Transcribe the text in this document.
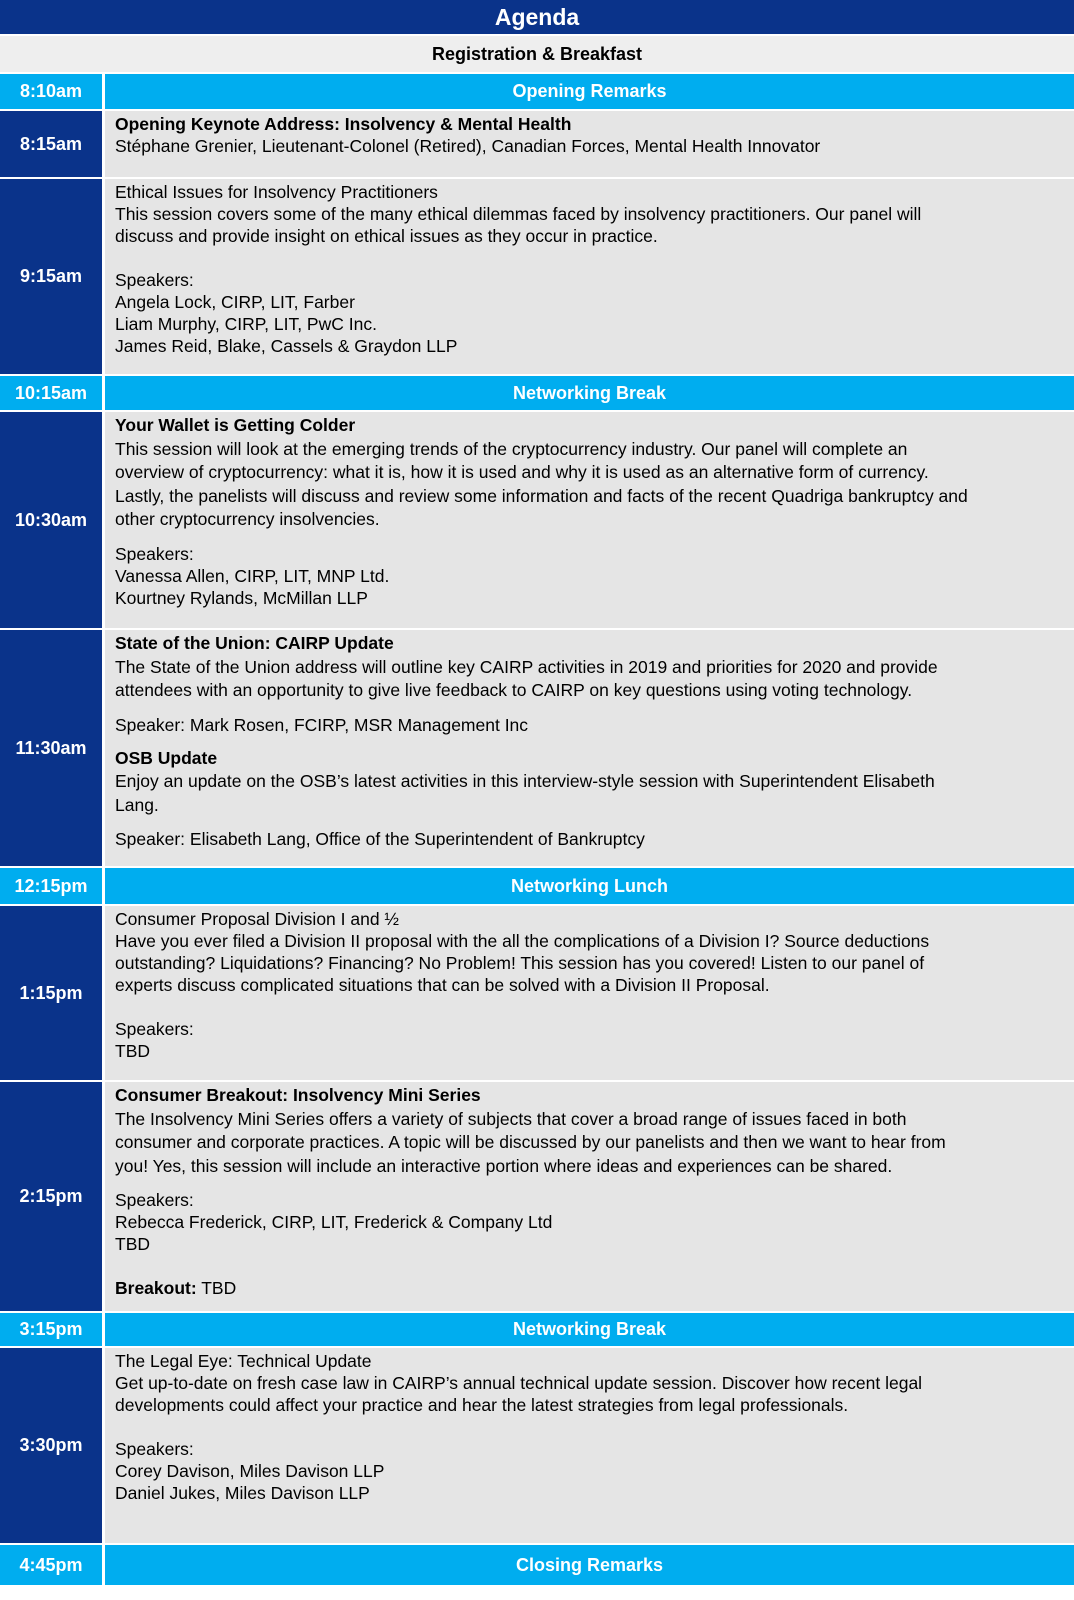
Agenda
Registration & Breakfast
8:10am	Opening Remarks
8:15am
Opening Keynote Address: Insolvency & Mental Health
Stéphane Grenier, Lieutenant-Colonel (Retired), Canadian Forces, Mental Health Innovator
9:15am
Ethical Issues for Insolvency Practitioners
This session covers some of the many ethical dilemmas faced by insolvency practitioners. Our panel will
discuss and provide insight on ethical issues as they occur in practice.
Speakers:
Angela Lock, CIRP, LIT, Farber
Liam Murphy, CIRP, LIT, PwC Inc.
James Reid, Blake, Cassels & Graydon LLP
10:15am	Networking Break
10:30am
Your Wallet is Getting Colder
This session will look at the emerging trends of the cryptocurrency industry. Our panel will complete an
overview of cryptocurrency: what it is, how it is used and why it is used as an alternative form of currency.
Lastly, the panelists will discuss and review some information and facts of the recent Quadriga bankruptcy and
other cryptocurrency insolvencies.
Speakers:
Vanessa Allen, CIRP, LIT, MNP Ltd.
Kourtney Rylands, McMillan LLP
11:30am
State of the Union: CAIRP Update
The State of the Union address will outline key CAIRP activities in 2019 and priorities for 2020 and provide
attendees with an opportunity to give live feedback to CAIRP on key questions using voting technology.
Speaker: Mark Rosen, FCIRP, MSR Management Inc
OSB Update
Enjoy an update on the OSB’s latest activities in this interview-style session with Superintendent Elisabeth
Lang.
Speaker: Elisabeth Lang, Office of the Superintendent of Bankruptcy
12:15pm	Networking Lunch
1:15pm
Consumer Proposal Division I and ½
Have you ever filed a Division II proposal with the all the complications of a Division I? Source deductions
outstanding? Liquidations? Financing? No Problem! This session has you covered! Listen to our panel of
experts discuss complicated situations that can be solved with a Division II Proposal.
Speakers:
TBD
2:15pm
Consumer Breakout: Insolvency Mini Series
The Insolvency Mini Series offers a variety of subjects that cover a broad range of issues faced in both
consumer and corporate practices. A topic will be discussed by our panelists and then we want to hear from
you! Yes, this session will include an interactive portion where ideas and experiences can be shared.
Speakers:
Rebecca Frederick, CIRP, LIT, Frederick & Company Ltd
TBD
Breakout: TBD
3:15pm	Networking Break
3:30pm
The Legal Eye: Technical Update
Get up-to-date on fresh case law in CAIRP’s annual technical update session. Discover how recent legal
developments could affect your practice and hear the latest strategies from legal professionals.
Speakers:
Corey Davison, Miles Davison LLP
Daniel Jukes, Miles Davison LLP
4:45pm	Closing Remarks
